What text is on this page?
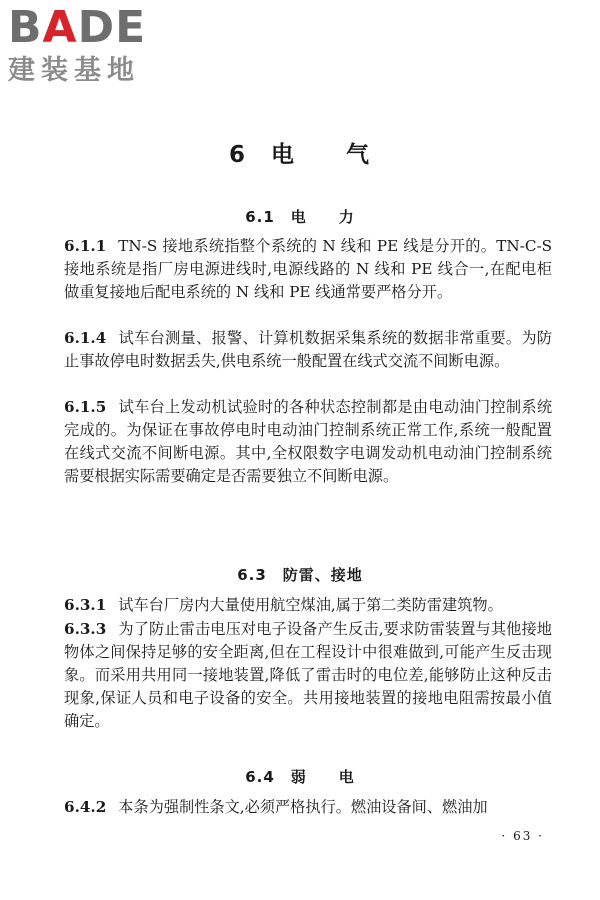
BADE
建装基地
6 电　　气
6.1　电　　力
6.1.1 TN-S 接地系统指整个系统的 N 线和 PE 线是分开的。TN-C-S 接地系统是指厂房电源进线时,电源线路的 N 线和 PE 线合一,在配电柜做重复接地后配电系统的 N 线和 PE 线通常要严格分开。
6.1.4 试车台测量、报警、计算机数据采集系统的数据非常重要。为防止事故停电时数据丢失,供电系统一般配置在线式交流不间断电源。
6.1.5 试车台上发动机试验时的各种状态控制都是由电动油门控制系统完成的。为保证在事故停电时电动油门控制系统正常工作,系统一般配置在线式交流不间断电源。其中,全权限数字电调发动机电动油门控制系统需要根据实际需要确定是否需要独立不间断电源。
6.3　防雷、接地
6.3.1 试车台厂房内大量使用航空煤油,属于第二类防雷建筑物。
6.3.3 为了防止雷击电压对电子设备产生反击,要求防雷装置与其他接地物体之间保持足够的安全距离,但在工程设计中很难做到,可能产生反击现象。而采用共用同一接地装置,降低了雷击时的电位差,能够防止这种反击现象,保证人员和电子设备的安全。共用接地装置的接地电阻需按最小值确定。
6.4　弱　　电
6.4.2 本条为强制性条文,必须严格执行。燃油设备间、燃油加
· 63 ·
